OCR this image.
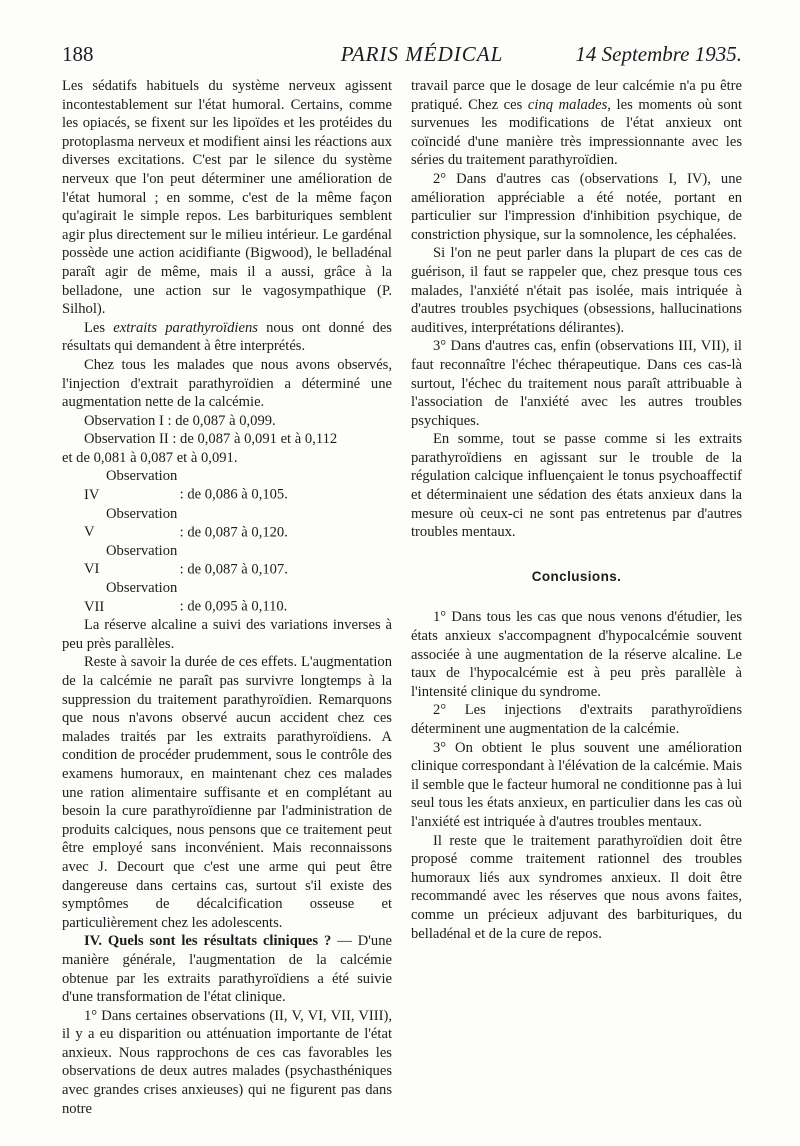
188	PARIS MÉDICAL	14 Septembre 1935.

Les sédatifs habituels du système nerveux agissent incontestablement sur l'état humoral. Certains, comme les opiacés, se fixent sur les lipoïdes et les protéides du protoplasma nerveux et modifient ainsi les réactions aux diverses excitations. C'est par le silence du système nerveux que l'on peut déterminer une amélioration de l'état humoral ; en somme, c'est de la même façon qu'agirait le simple repos. Les barbituriques semblent agir plus directement sur le milieu intérieur. Le gardénal possède une action acidifiante (Bigwood), le belladénal paraît agir de même, mais il a aussi, grâce à la belladone, une action sur le vagosympathique (P. Silhol).

Les extraits parathyroïdiens nous ont donné des résultats qui demandent à être interprétés.

Chez tous les malades que nous avons observés, l'injection d'extrait parathyroïdien a déterminé une augmentation nette de la calcémie.

Observation I : de 0,087 à 0,099.

Observation II : de 0,087 à 0,091 et à 0,112

et de 0,081 à 0,087 et à 0,091.

Observation IV	: de 0,086 à 0,105.

Observation V	: de 0,087 à 0,120.

Observation VI	: de 0,087 à 0,107.

Observation VII	: de 0,095 à 0,110.

La réserve alcaline a suivi des variations inverses à peu près parallèles.

Reste à savoir la durée de ces effets. L'augmentation de la calcémie ne paraît pas survivre longtemps à la suppression du traitement parathyroïdien. Remarquons que nous n'avons observé aucun accident chez ces malades traités par les extraits parathyroïdiens. A condition de procéder prudemment, sous le contrôle des examens humoraux, en maintenant chez ces malades une ration alimentaire suffisante et en complétant au besoin la cure parathyroïdienne par l'administration de produits calciques, nous pensons que ce traitement peut être employé sans inconvénient. Mais reconnaissons avec J. Decourt que c'est une arme qui peut être dangereuse dans certains cas, surtout s'il existe des symptômes de décalcification osseuse et particulièrement chez les adolescents.

IV. Quels sont les résultats cliniques ? — D'une manière générale, l'augmentation de la calcémie obtenue par les extraits parathyroïdiens a été suivie d'une transformation de l'état clinique.

1° Dans certaines observations (II, V, VI, VII, VIII), il y a eu disparition ou atténuation importante de l'état anxieux. Nous rapprochons de ces cas favorables les observations de deux autres malades (psychasthéniques avec grandes crises anxieuses) qui ne figurent pas dans notre

travail parce que le dosage de leur calcémie n'a pu être pratiqué. Chez ces cinq malades, les moments où sont survenues les modifications de l'état anxieux ont coïncidé d'une manière très impressionnante avec les séries du traitement parathyroïdien.

2° Dans d'autres cas (observations I, IV), une amélioration appréciable a été notée, portant en particulier sur l'impression d'inhibition psychique, de constriction physique, sur la somnolence, les céphalées.

Si l'on ne peut parler dans la plupart de ces cas de guérison, il faut se rappeler que, chez presque tous ces malades, l'anxiété n'était pas isolée, mais intriquée à d'autres troubles psychiques (obsessions, hallucinations auditives, interprétations délirantes).

3° Dans d'autres cas, enfin (observations III, VII), il faut reconnaître l'échec thérapeutique. Dans ces cas-là surtout, l'échec du traitement nous paraît attribuable à l'association de l'anxiété avec les autres troubles psychiques.

En somme, tout se passe comme si les extraits parathyroïdiens en agissant sur le trouble de la régulation calcique influençaient le tonus psychoaffectif et déterminaient une sédation des états anxieux dans la mesure où ceux-ci ne sont pas entretenus par d'autres troubles mentaux.

Conclusions.

1° Dans tous les cas que nous venons d'étudier, les états anxieux s'accompagnent d'hypocalcémie souvent associée à une augmentation de la réserve alcaline. Le taux de l'hypocalcémie est à peu près parallèle à l'intensité clinique du syndrome.

2° Les injections d'extraits parathyroïdiens déterminent une augmentation de la calcémie.

3° On obtient le plus souvent une amélioration clinique correspondant à l'élévation de la calcémie. Mais il semble que le facteur humoral ne conditionne pas à lui seul tous les états anxieux, en particulier dans les cas où l'anxiété est intriquée à d'autres troubles mentaux.

Il reste que le traitement parathyroïdien doit être proposé comme traitement rationnel des troubles humoraux liés aux syndromes anxieux. Il doit être recommandé avec les réserves que nous avons faites, comme un précieux adjuvant des barbituriques, du belladénal et de la cure de repos.
